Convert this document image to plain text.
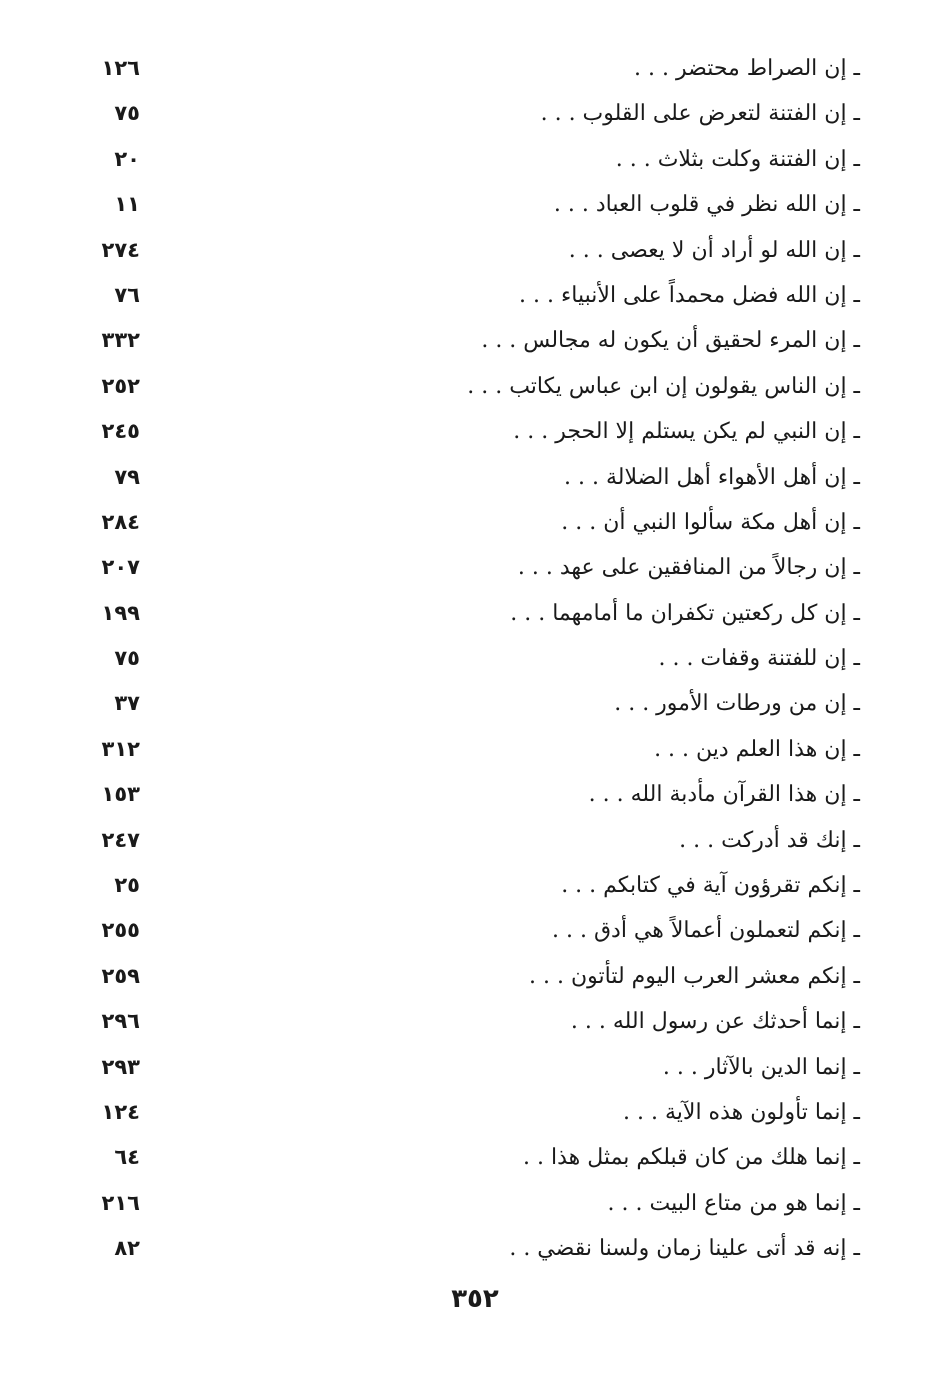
ـ إن الصراط محتضر . . .
١٢٦
ـ إن الفتنة لتعرض على القلوب . . .
٧٥
ـ إن الفتنة وكلت بثلاث . . .
٢٠
ـ إن الله نظر في قلوب العباد . . .
١١
ـ إن الله لو أراد أن لا يعصى . . .
٢٧٤
ـ إن الله فضل محمداً على الأنبياء . . .
٧٦
ـ إن المرء لحقيق أن يكون له مجالس . . .
٣٣٢
ـ إن الناس يقولون إن ابن عباس يكاتب . . .
٢٥٢
ـ إن النبي لم يكن يستلم إلا الحجر . . .
٢٤٥
ـ إن أهل الأهواء أهل الضلالة . . .
٧٩
ـ إن أهل مكة سألوا النبي أن . . .
٢٨٤
ـ إن رجالاً من المنافقين على عهد . . .
٢٠٧
ـ إن كل ركعتين تكفران ما أمامهما . . .
١٩٩
ـ إن للفتنة وقفات . . .
٧٥
ـ إن من ورطات الأمور . . .
٣٧
ـ إن هذا العلم دين . . .
٣١٢
ـ إن هذا القرآن مأدبة الله . . .
١٥٣
ـ إنك قد أدركت . . .
٢٤٧
ـ إنكم تقرؤون آية في كتابكم . . .
٢٥
ـ إنكم لتعملون أعمالاً هي أدق . . .
٢٥٥
ـ إنكم معشر العرب اليوم لتأتون . . .
٢٥٩
ـ إنما أحدثك عن رسول الله . . .
٢٩٦
ـ إنما الدين بالآثار . . .
٢٩٣
ـ إنما تأولون هذه الآية . . .
١٢٤
ـ إنما هلك من كان قبلكم بمثل هذا . .
٦٤
ـ إنما هو من متاع البيت . . .
٢١٦
ـ إنه قد أتى علينا زمان ولسنا نقضي . .
٨٢
٣٥٢
